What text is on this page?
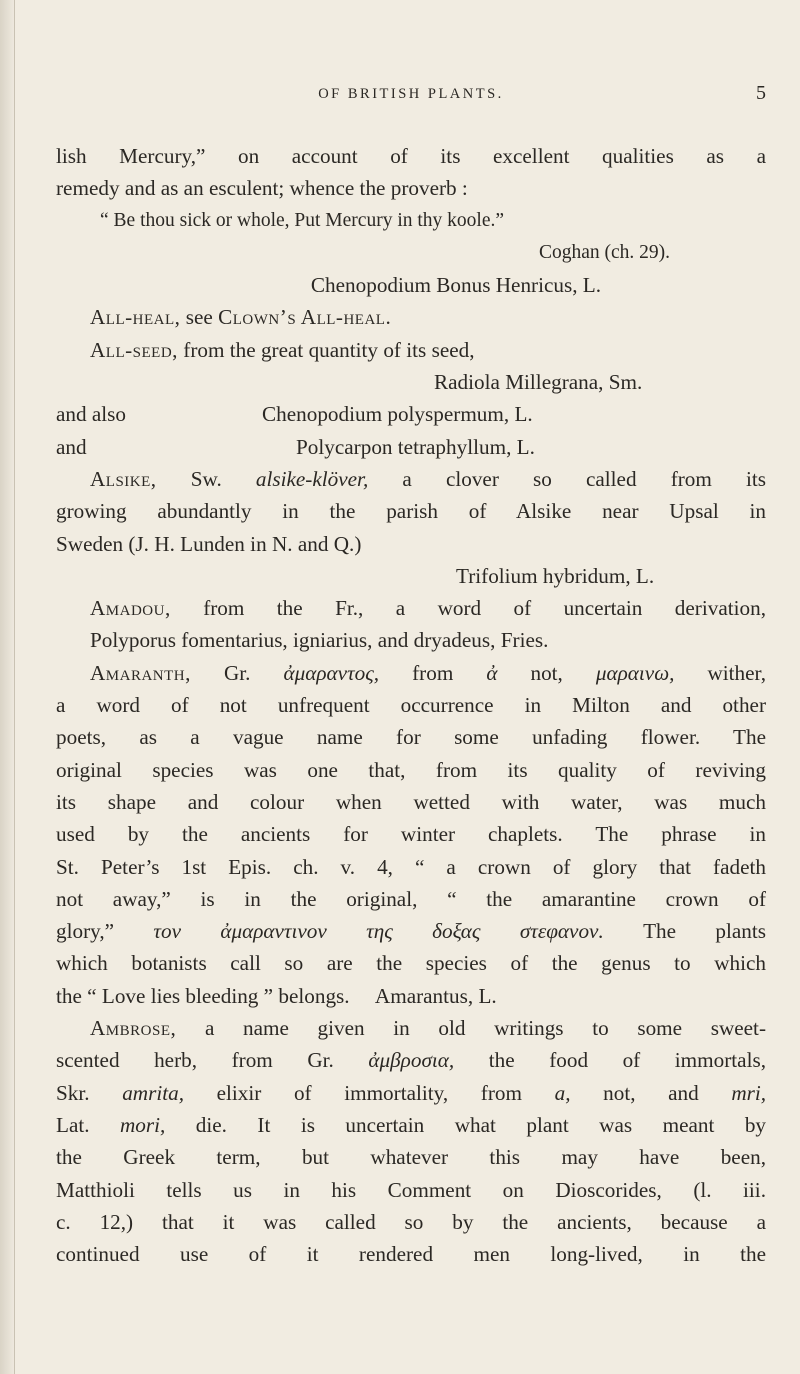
OF BRITISH PLANTS.	5
lish Mercury,” on account of its excellent qualities as a
remedy and as an esculent; whence the proverb :
“ Be thou sick or whole, Put Mercury in thy koole.”
Coghan (ch. 29).
Chenopodium Bonus Henricus, L.
All-heal, see Clown’s All-heal.
All-seed, from the great quantity of its seed,
Radiola Millegrana, Sm.
and also	Chenopodium polyspermum, L.
and	Polycarpon tetraphyllum, L.
Alsike, Sw. alsike-klöver, a clover so called from its
growing abundantly in the parish of Alsike near Upsal in
Sweden (J. H. Lunden in N. and Q.)
Trifolium hybridum, L.
Amadou, from the Fr., a word of uncertain derivation,
Polyporus fomentarius, igniarius, and dryadeus, Fries.
Amaranth, Gr. ἀμαραντος, from ἀ not, μαραινω, wither,
a word of not unfrequent occurrence in Milton and other
poets, as a vague name for some unfading flower. The
original species was one that, from its quality of reviving
its shape and colour when wetted with water, was much
used by the ancients for winter chaplets. The phrase in
St. Peter’s 1st Epis. ch. v. 4, “ a crown of glory that fadeth
not away,” is in the original, “ the amarantine crown of
glory,” τον ἀμαραντινον της δοξας στεφανον. The plants
which botanists call so are the species of the genus to which
the “ Love lies bleeding ” belongs.     Amarantus, L.
Ambrose, a name given in old writings to some sweet-
scented herb, from Gr. ἀμβροσια, the food of immortals,
Skr. amrita, elixir of immortality, from a, not, and mri,
Lat. mori, die. It is uncertain what plant was meant by
the Greek term, but whatever this may have been,
Matthioli tells us in his Comment on Dioscorides, (l. iii.
c. 12,) that it was called so by the ancients, because a
continued use of it rendered men long-lived, in the
